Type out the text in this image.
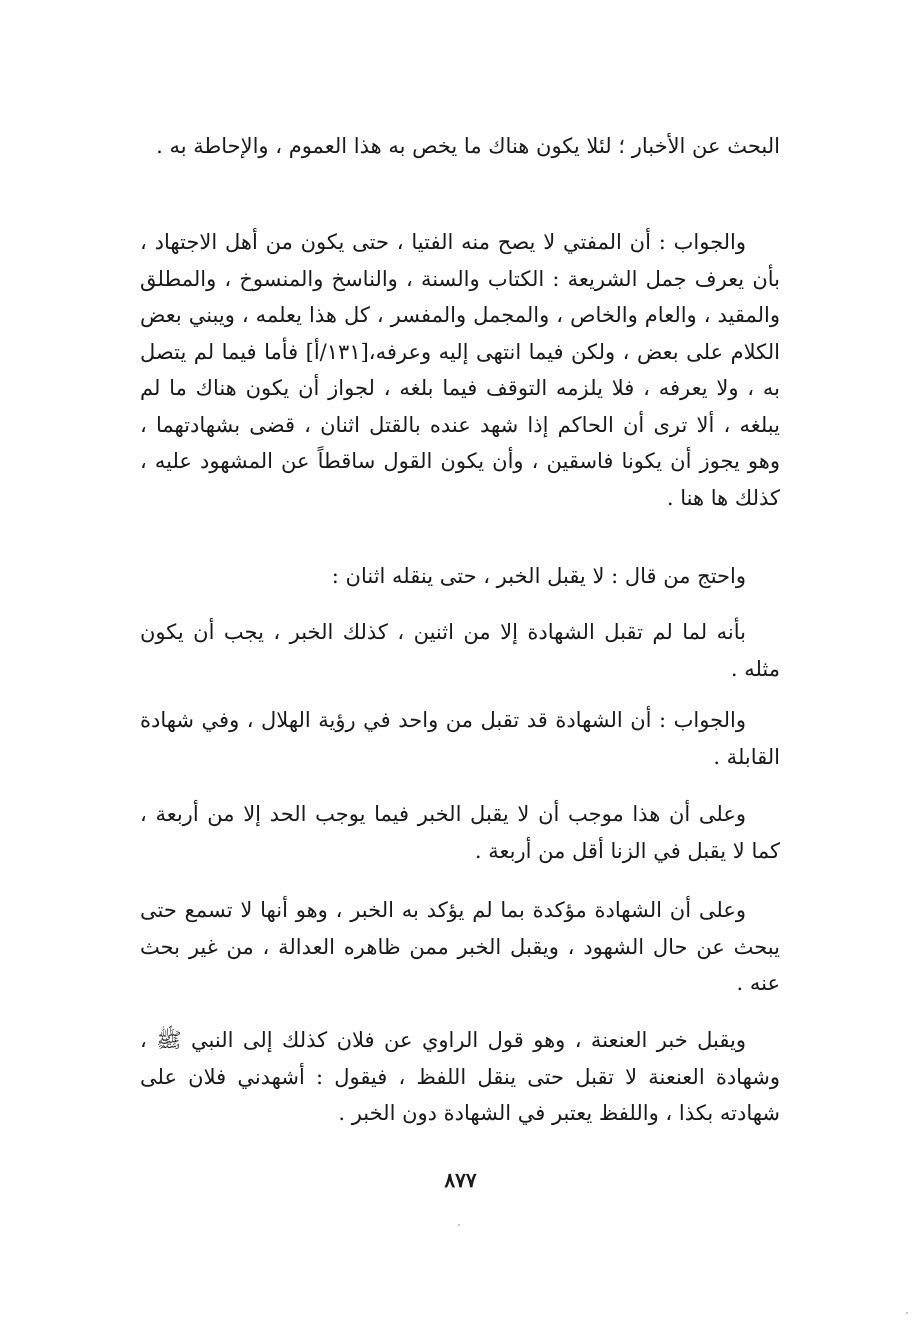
البحث عن الأخبار ؛ لئلا يكون هناك ما يخص به هذا العموم ، والإحاطة به .

والجواب : أن المفتي لا يصح منه الفتيا ، حتى يكون من أهل الاجتهاد ، بأن يعرف جمل الشريعة : الكتاب والسنة ، والناسخ والمنسوخ ، والمطلق والمقيد ، والعام والخاص ، والمجمل والمفسر ، كل هذا يعلمه ، ويبني بعض الكلام على بعض ، ولكن فيما انتهى إليه وعرفه،[١٣١/أ] فأما فيما لم يتصل به ، ولا يعرفه ، فلا يلزمه التوقف فيما بلغه ، لجواز أن يكون هناك ما لم يبلغه ، ألا ترى أن الحاكم إذا شهد عنده بالقتل اثنان ، قضى بشهادتهما ، وهو يجوز أن يكونا فاسقين ، وأن يكون القول ساقطاً عن المشهود عليه ، كذلك ها هنا .

واحتج من قال : لا يقبل الخبر ، حتى ينقله اثنان :

بأنه لما لم تقبل الشهادة إلا من اثنين ، كذلك الخبر ، يجب أن يكون مثله .

والجواب : أن الشهادة قد تقبل من واحد في رؤية الهلال ، وفي شهادة القابلة .

وعلى أن هذا موجب أن لا يقبل الخبر فيما يوجب الحد إلا من أربعة ، كما لا يقبل في الزنا أقل من أربعة .

وعلى أن الشهادة مؤكدة بما لم يؤكد به الخبر ، وهو أنها لا تسمع حتى يبحث عن حال الشهود ، ويقبل الخبر ممن ظاهره العدالة ، من غير بحث عنه .

ويقبل خبر العنعنة ، وهو قول الراوي عن فلان كذلك إلى النبي ﷺ ، وشهادة العنعنة لا تقبل حتى ينقل اللفظ ، فيقول : أشهدني فلان على شهادته بكذا ، واللفظ يعتبر في الشهادة دون الخبر .

٨٧٧
